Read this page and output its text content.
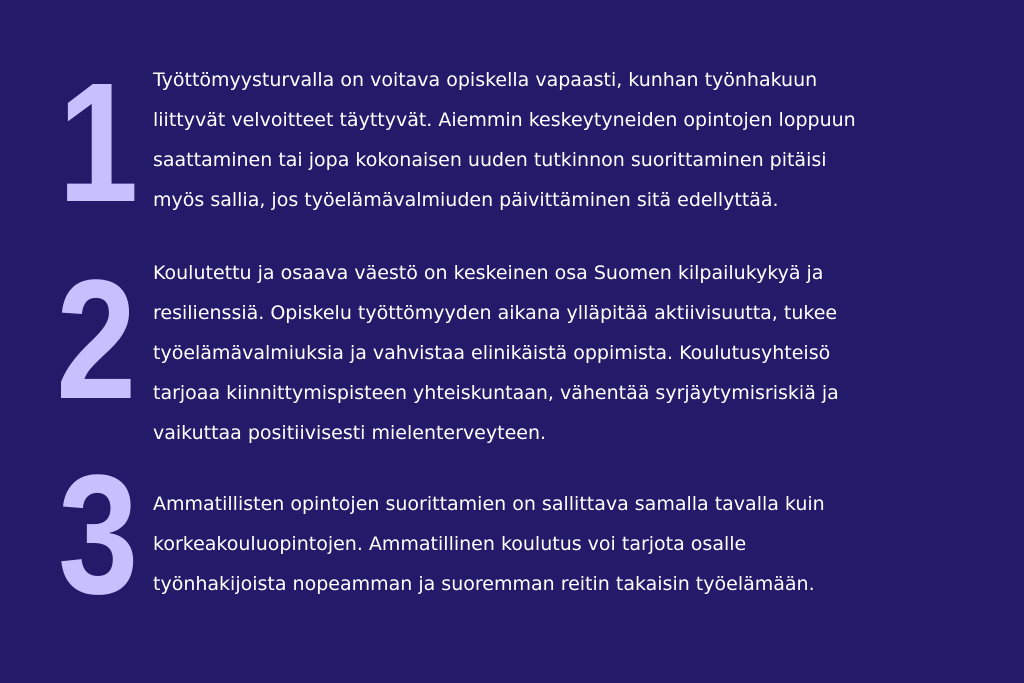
1 Työttömyysturvalla on voitava opiskella vapaasti, kunhan työnhakuun
liittyvät velvoitteet täyttyvät. Aiemmin keskeytyneiden opintojen loppuun
saattaminen tai jopa kokonaisen uuden tutkinnon suorittaminen pitäisi
myös sallia, jos työelämävalmiuden päivittäminen sitä edellyttää.

2 Koulutettu ja osaava väestö on keskeinen osa Suomen kilpailukykyä ja
resilienssiä. Opiskelu työttömyyden aikana ylläpitää aktiivisuutta, tukee
työelämävalmiuksia ja vahvistaa elinikäistä oppimista. Koulutusyhteisö
tarjoaa kiinnittymispisteen yhteiskuntaan, vähentää syrjäytymisriskiä ja
vaikuttaa positiivisesti mielenterveyteen.

3 Ammatillisten opintojen suorittamien on sallittava samalla tavalla kuin
korkeakouluopintojen. Ammatillinen koulutus voi tarjota osalle
työnhakijoista nopeamman ja suoremman reitin takaisin työelämään.
